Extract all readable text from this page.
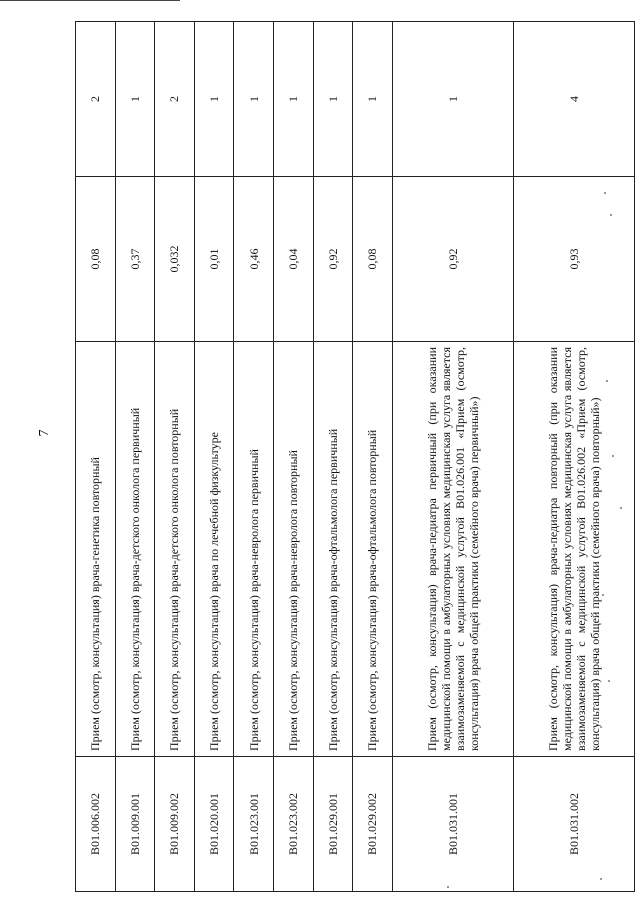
7
B01.006.002	Прием (осмотр, консультация) врача-генетика повторный	0,08	2
B01.009.001	Прием (осмотр, консультация) врача-детского онколога первичный	0,37	1
B01.009.002	Прием (осмотр, консультация) врача-детского онколога повторный	0,032	2
B01.020.001	Прием (осмотр, консультация) врача по лечебной физкультуре	0,01	1
B01.023.001	Прием (осмотр, консультация) врача-невролога первичный	0,46	1
B01.023.002	Прием (осмотр, консультация) врача-невролога повторный	0,04	1
B01.029.001	Прием (осмотр, консультация) врача-офтальмолога первичный	0,92	1
B01.029.002	Прием (осмотр, консультация) врача-офтальмолога повторный	0,08	1
B01.031.001	Прием (осмотр, консультация) врача-педиатра первичный (при оказании медицинской помощи в амбулаторных условиях медицинская услуга является взаимозаменяемой с медицинской услугой B01.026.001 «Прием (осмотр, консультация) врача общей практики (семейного врача) первичный»)	0,92	1
B01.031.002	Прием (осмотр, консультация) врача-педиатра повторный (при оказании медицинской помощи в амбулаторных условиях медицинская услуга является взаимозаменяемой с медицинской услугой B01.026.002 «Прием (осмотр, консультация) врача общей практики (семейного врача) повторный»)	0,93	4
